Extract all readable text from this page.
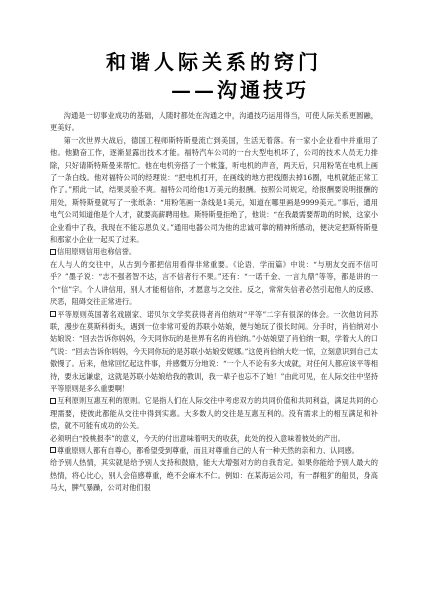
和谐人际关系的窍门
——沟通技巧

沟通是一切事业成功的基础，人随时都处在沟通之中，沟通技巧运用得当，可使人际关系更圆融，更美好。

第一次世界大战后，德国工程师斯特斯曼流亡到美国，生活无着落。有一家小企业看中并重用了他。他勤奋工作，逐渐显露出技术才能。福特汽车公司的一台大型电机坏了，公司的技术人员无力排除，只好请斯特斯曼来帮忙。他在电机旁搭了一个帐篷，听电机的声音，两天后，只用粉笔在电机上画了一条白线。他对福特公司的经理说：“把电机打开，在画线的地方把线圈去掉16圈，电机就能正常工作了。”照此一试，结果灵验不爽。福特公司给他1万美元的报酬。按照公司规定，给报酬要说明报酬的用处，斯特斯曼就写了一张纸条：“用粉笔画一条线是1美元，知道在哪里画是9999美元。”事后，通用电气公司知道他是个人才，就要高薪聘用他。斯特斯曼拒绝了，他说：“在我最需要帮助的时候，这家小企业看中了我，我现在不能忘恩负义。”通用电器公司为他的忠诚可靠的精神所感动，便决定把斯特斯曼和那家小企业一起买了过来。

信用原则信用也称信誉。

在人与人的交往中，从古到今都把信用看得非常重要。《论语．学而篇》中说：“与朋友交而不信可乎？”墨子说：“志不强者智不达，言不信者行不果。”还有：“一诺千金、一言九鼎”等等，都是讲的一个“信”字。个人讲信用，别人才能相信你，才愿意与之交往。反之，常常失信者必然引起他人的反感、厌恶，阻碍交往正常进行。

平等原则英国著名戏剧家、诺贝尔文学奖获得者肖伯纳对“平等”二字有很深的体会。一次他访问苏联，漫步在莫斯科街头，遇到一位非常可爱的苏联小姑娘，便与她玩了很长时间。分手时，肖伯纳对小姑娘说：“回去告诉你妈妈，今天同你玩的是世界有名的肖伯纳。”小姑娘望了肖伯纳一眼，学着大人的口气说：“回去告诉你妈妈，今天同你玩的是苏联小姑娘安妮娜。”这使肖伯纳大吃一惊，立刻意识到自己太傲慢了。后来，他常回忆起这件事，并感慨万分地说：“一个人不论有多大成就，对任何人都应该平等相待，要永远谦虚，这就是苏联小姑娘给我的教训，我一辈子也忘不了她！”由此可见，在人际交往中坚持平等原则是多么重要啊！

互利原则互惠互利的原则。它是指人们在人际交往中考虑双方的共同价值和共同利益，满足共同的心理需要，使彼此都能从交往中得到实惠。大多数人的交往是互惠互利的。没有需求上的相互满足和补偿，就不可能有成功的公关。

必须明白“投桃报李”的意义，今天的付出意味着明天的收获，此处的投入意味着彼处的产出。

尊重原则人都有自尊心，都希望受到尊重，而且对尊重自己的人有一种天然的亲和力、认同感。

给予别人热情，其实就是给予别人支持和鼓励，能大大增强对方的自我肯定。如果你能给予别人最大的热情，将心比心，别人会倍感尊重，绝不会麻木不仁。例如：在某海运公司，有一群粗犷的船员，身高马大，脾气暴躁，公司对他们很
